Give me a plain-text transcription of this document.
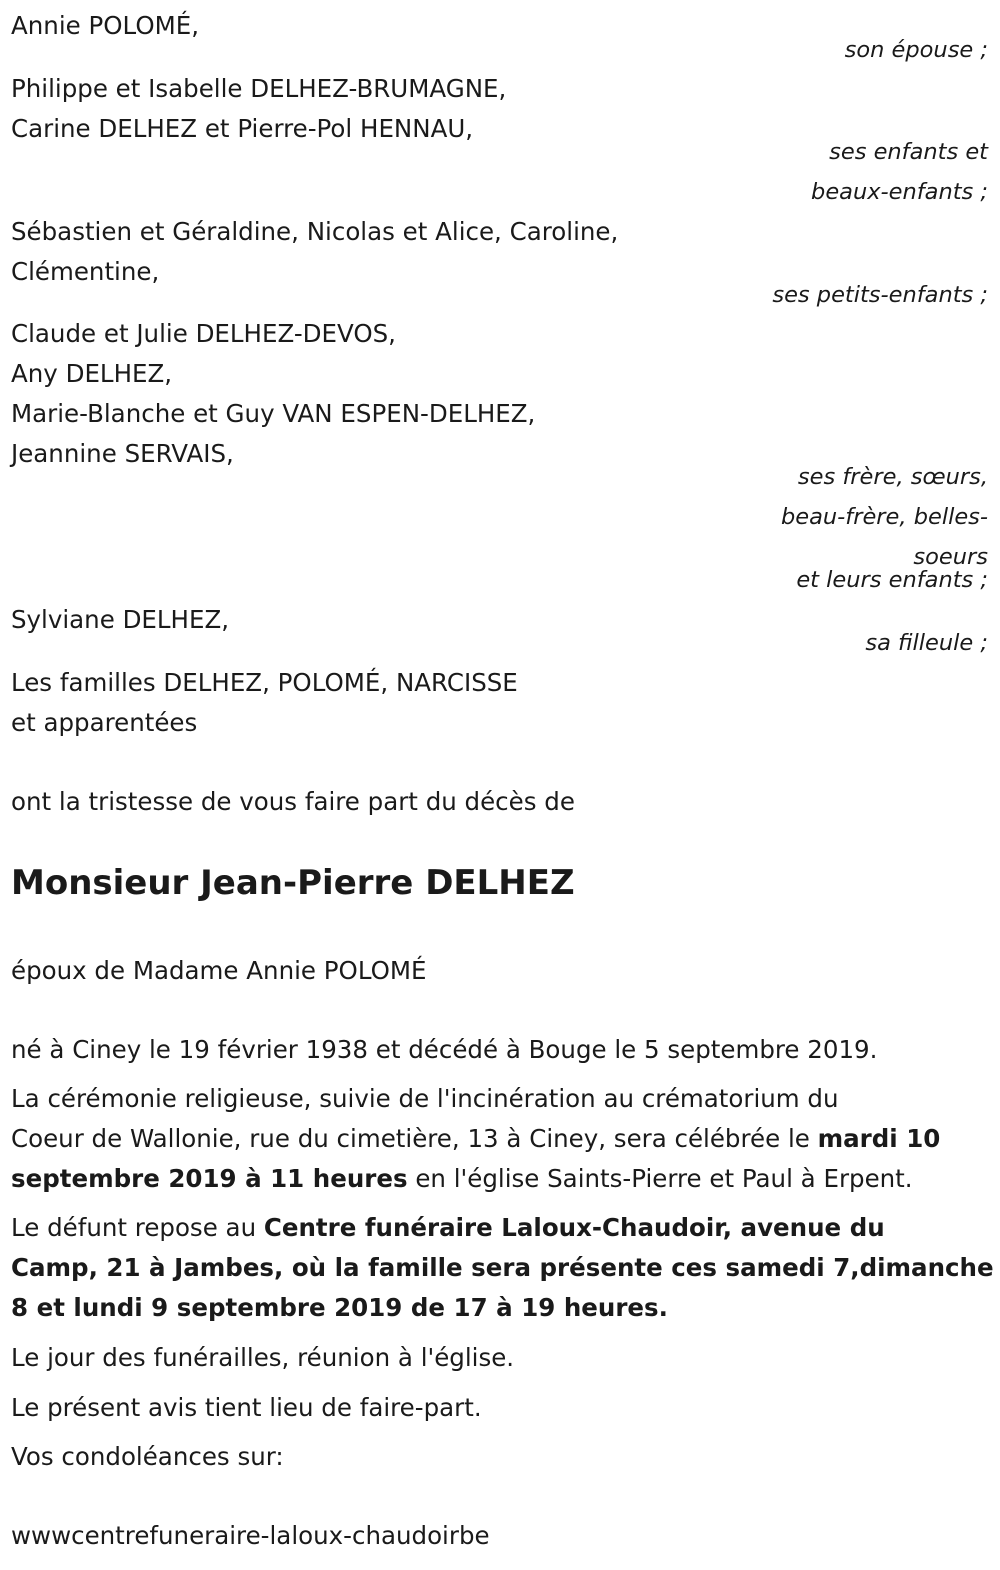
Annie POLOMÉ,
son épouse ;
Philippe et Isabelle DELHEZ-BRUMAGNE,
Carine DELHEZ et Pierre-Pol HENNAU,
ses enfants et
beaux-enfants ;
Sébastien et Géraldine, Nicolas et Alice, Caroline,
Clémentine,
ses petits-enfants ;
Claude et Julie DELHEZ-DEVOS,
Any DELHEZ,
Marie-Blanche et Guy VAN ESPEN-DELHEZ,
Jeannine SERVAIS,
ses frère, sœurs,
beau-frère, belles-
soeurs
et leurs enfants ;
Sylviane DELHEZ,
sa filleule ;
Les familles DELHEZ, POLOMÉ, NARCISSE
et apparentées
ont la tristesse de vous faire part du décès de
Monsieur Jean-Pierre DELHEZ
époux de Madame Annie POLOMÉ
né à Ciney le 19 février 1938 et décédé à Bouge le 5 septembre 2019.
La cérémonie religieuse, suivie de l'incinération au crématorium du
Coeur de Wallonie, rue du cimetière, 13 à Ciney, sera célébrée le mardi 10
septembre 2019 à 11 heures en l'église Saints-Pierre et Paul à Erpent.
Le défunt repose au Centre funéraire Laloux-Chaudoir, avenue du
Camp, 21 à Jambes, où la famille sera présente ces samedi 7,dimanche
8 et lundi 9 septembre 2019 de 17 à 19 heures.
Le jour des funérailles, réunion à l'église.
Le présent avis tient lieu de faire-part.
Vos condoléances sur:
wwwcentrefuneraire-laloux-chaudoirbe
